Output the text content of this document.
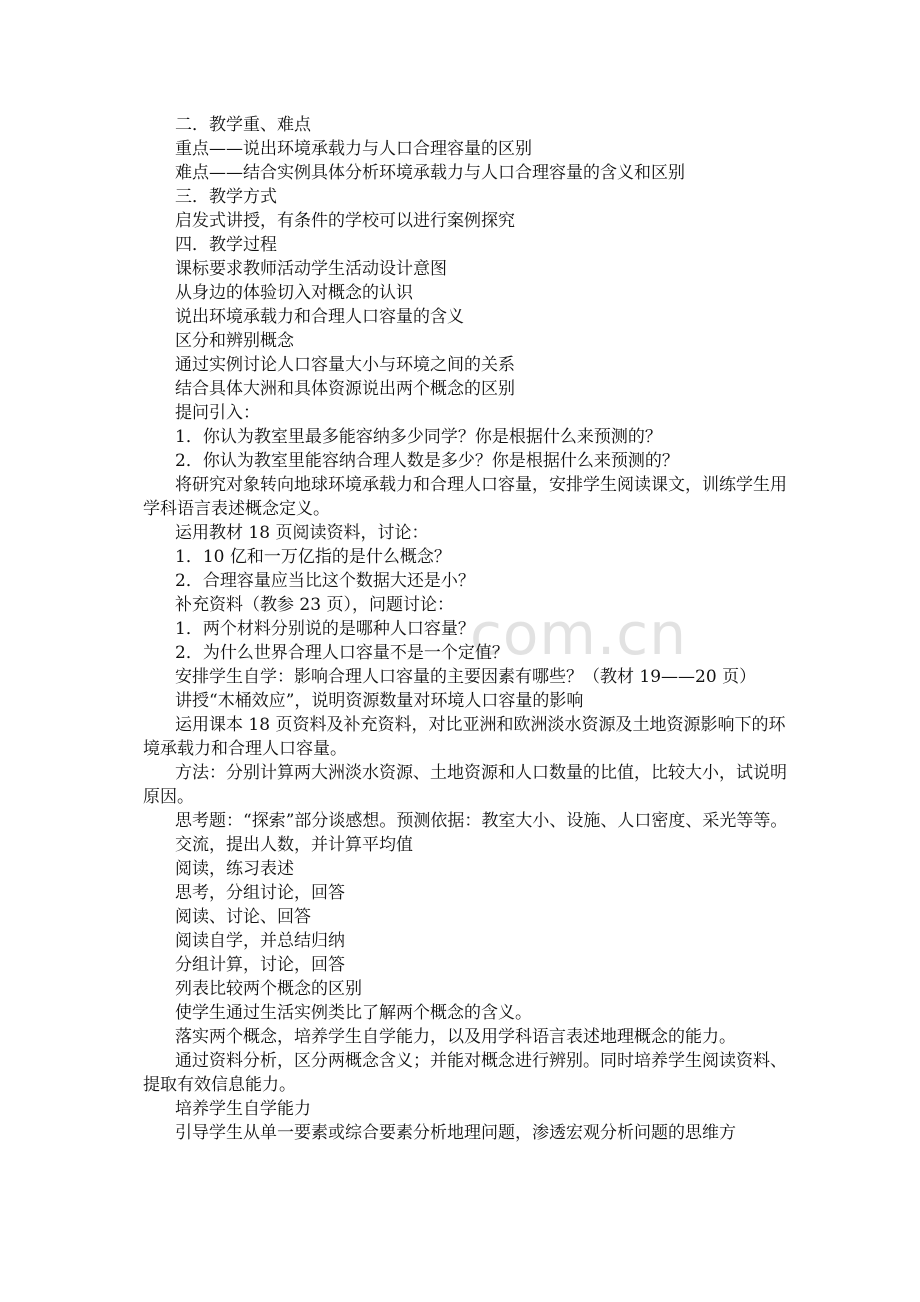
com.cn

二．教学重、难点

重点——说出环境承载力与人口合理容量的区别

难点——结合实例具体分析环境承载力与人口合理容量的含义和区别

三．教学方式

启发式讲授，有条件的学校可以进行案例探究

四．教学过程

课标要求教师活动学生活动设计意图

从身边的体验切入对概念的认识

说出环境承载力和合理人口容量的含义

区分和辨别概念

通过实例讨论人口容量大小与环境之间的关系

结合具体大洲和具体资源说出两个概念的区别

提问引入：

1．你认为教室里最多能容纳多少同学？你是根据什么来预测的？

2．你认为教室里能容纳合理人数是多少？你是根据什么来预测的？

将研究对象转向地球环境承载力和合理人口容量，安排学生阅读课文，训练学生用学科语言表述概念定义。

运用教材 18 页阅读资料，讨论：

1．10 亿和一万亿指的是什么概念？

2．合理容量应当比这个数据大还是小？

补充资料（教参 23 页），问题讨论：

1．两个材料分别说的是哪种人口容量？

2．为什么世界合理人口容量不是一个定值？

安排学生自学：影响合理人口容量的主要因素有哪些？（教材 19——20 页）

讲授“木桶效应”，说明资源数量对环境人口容量的影响

运用课本 18 页资料及补充资料，对比亚洲和欧洲淡水资源及土地资源影响下的环境承载力和合理人口容量。

方法：分别计算两大洲淡水资源、土地资源和人口数量的比值，比较大小，试说明原因。

思考题：“探索”部分谈感想。预测依据：教室大小、设施、人口密度、采光等等。

交流，提出人数，并计算平均值

阅读，练习表述

思考，分组讨论，回答

阅读、讨论、回答

阅读自学，并总结归纳

分组计算，讨论，回答

列表比较两个概念的区别

使学生通过生活实例类比了解两个概念的含义。

落实两个概念，培养学生自学能力，以及用学科语言表述地理概念的能力。

通过资料分析，区分两概念含义；并能对概念进行辨别。同时培养学生阅读资料、提取有效信息能力。

培养学生自学能力

引导学生从单一要素或综合要素分析地理问题，渗透宏观分析问题的思维方
